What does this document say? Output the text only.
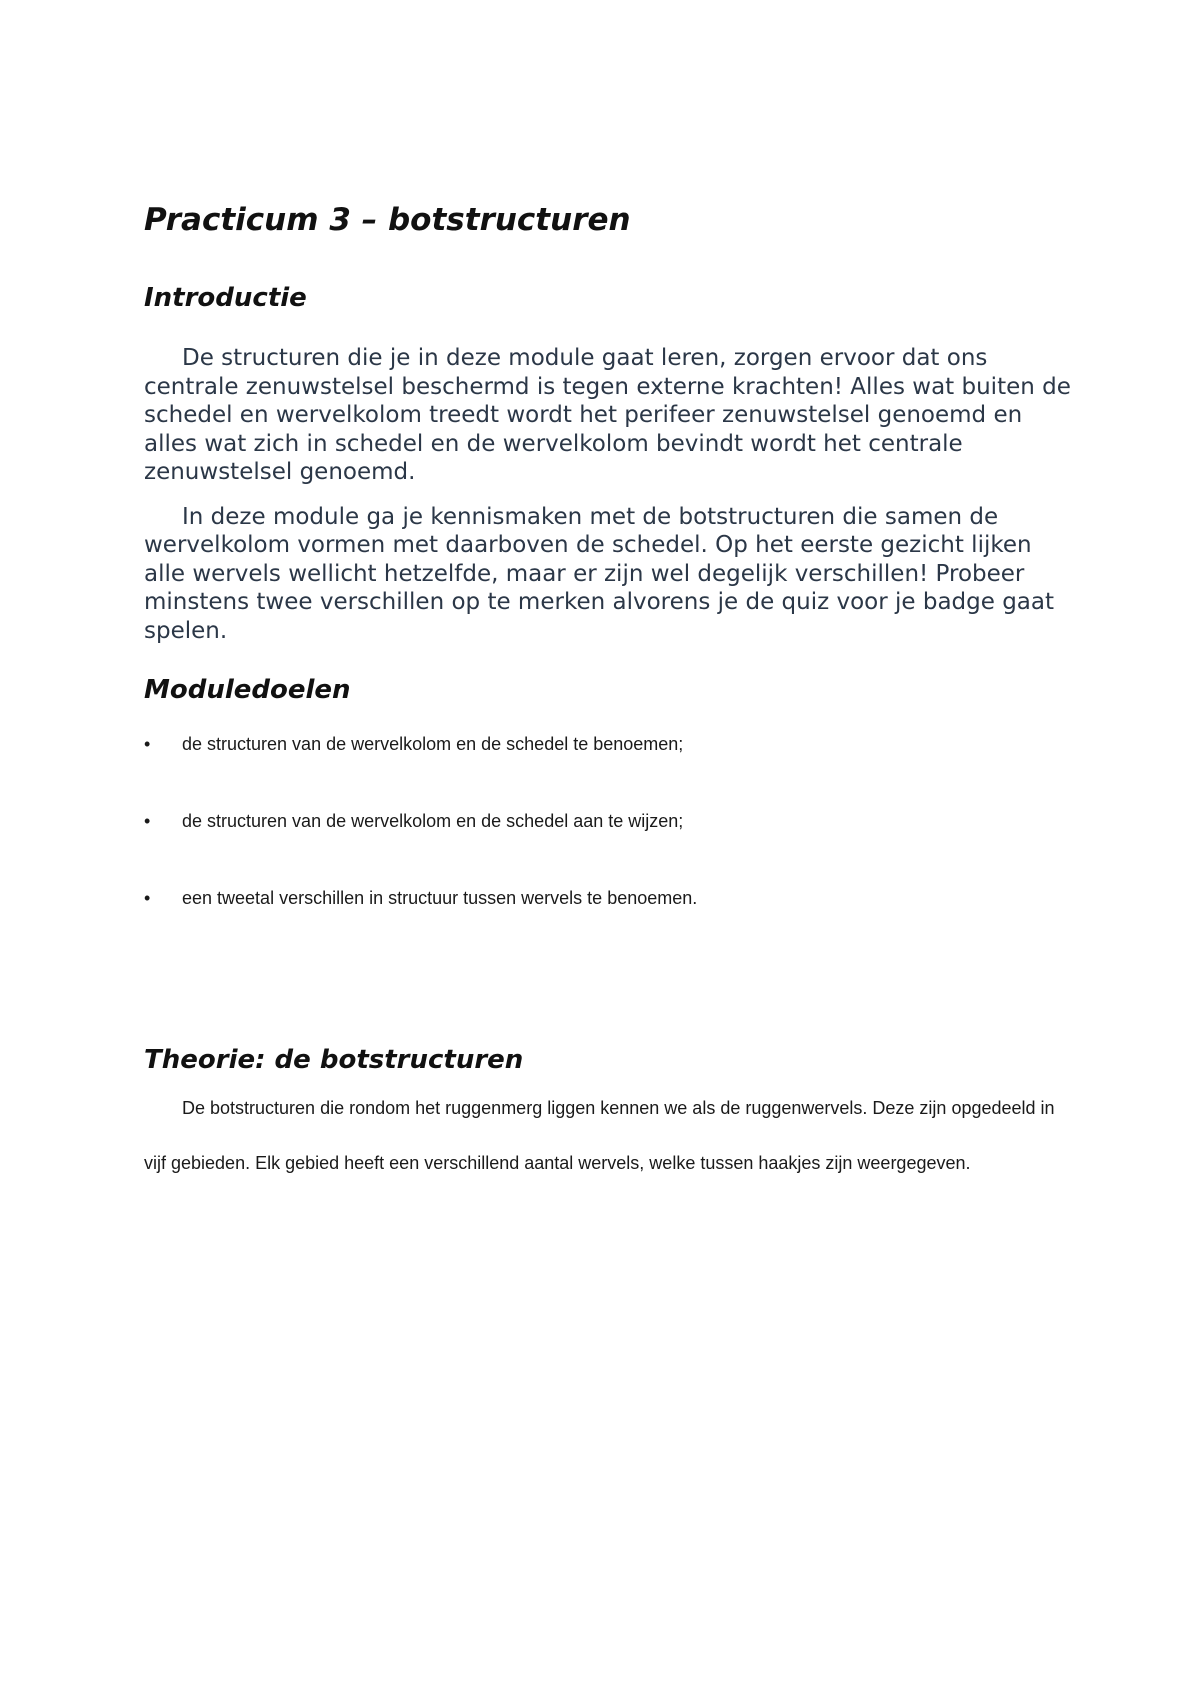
Practicum 3 – botstructuren
Introductie

De structuren die je in deze module gaat leren, zorgen ervoor dat ons centrale zenuwstelsel beschermd is tegen externe krachten! Alles wat buiten de schedel en wervelkolom treedt wordt het perifeer zenuwstelsel genoemd en alles wat zich in schedel en de wervelkolom bevindt wordt het centrale zenuwstelsel genoemd.

In deze module ga je kennismaken met de botstructuren die samen de wervelkolom vormen met daarboven de schedel. Op het eerste gezicht lijken alle wervels wellicht hetzelfde, maar er zijn wel degelijk verschillen! Probeer minstens twee verschillen op te merken alvorens je de quiz voor je badge gaat spelen.

Moduledoelen
• de structuren van de wervelkolom en de schedel te benoemen;
• de structuren van de wervelkolom en de schedel aan te wijzen;
• een tweetal verschillen in structuur tussen wervels te benoemen.
Theorie: de botstructuren

De botstructuren die rondom het ruggenmerg liggen kennen we als de ruggenwervels. Deze zijn opgedeeld in vijf gebieden. Elk gebied heeft een verschillend aantal wervels, welke tussen haakjes zijn weergegeven.
